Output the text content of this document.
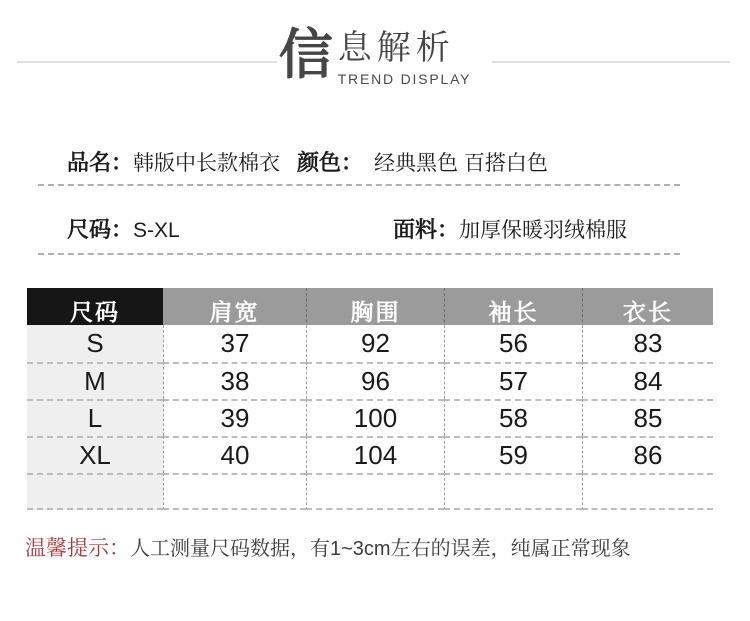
信 息解析
TREND DISPLAY
品名：韩版中长款棉衣 颜色： 经典黑色 百搭白色
尺码：S-XL	面料：加厚保暖羽绒棉服
尺码	肩宽	胸围	袖长	衣长
S	37	92	56	83
M	38	96	57	84
L	39	100	58	85
XL	40	104	59	86
温馨提示：人工测量尺码数据，有1~3cm左右的误差，纯属正常现象
